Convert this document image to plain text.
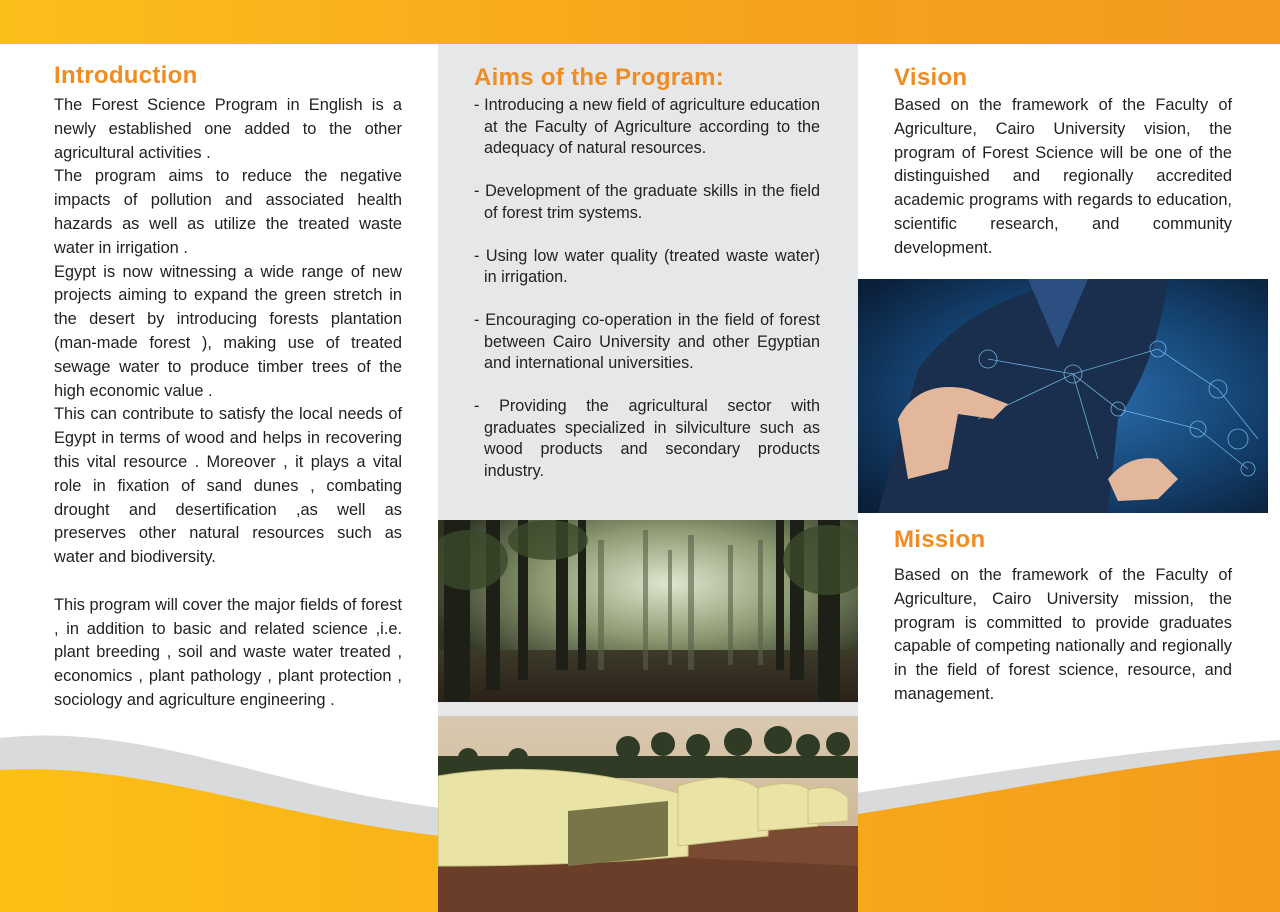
Introduction

The Forest Science Program in English is a newly established one added to the other agricultural activities .

The program aims to reduce the negative impacts of pollution and associated health hazards as well as utilize the treated waste water in irrigation .

Egypt is now witnessing a wide range of new projects aiming to expand the green stretch in the desert by introducing forests plantation (man-made forest ), making use of treated sewage water to produce timber trees of the high economic value .

This can contribute to satisfy the local needs of Egypt in terms of wood and helps in recovering this vital resource . Moreover , it plays a vital role in fixation of sand dunes , combating drought and desertification ,as well as preserves other natural resources such as water and biodiversity.

This program will cover the major fields of forest , in addition to basic and related science ,i.e. plant breeding , soil and waste water treated , economics , plant pathology , plant protection , sociology and agriculture engineering .

Aims of the Program:
- Introducing a new field of agriculture education at the Faculty of Agriculture according to the adequacy of natural resources.
- Development of the graduate skills in the field of forest trim systems.
- Using low water quality (treated waste water) in irrigation.
- Encouraging co-operation in the field of forest between Cairo University and other Egyptian and international universities.
- Providing the agricultural sector with graduates specialized in silviculture such as wood products and secondary products industry.
Vision
Based on the framework of the Faculty of Agriculture, Cairo University vision, the program of Forest Science will be one of the distinguished and regionally accredited academic programs with regards to education, scientific research, and community development.
Mission
Based on the framework of the Faculty of Agriculture, Cairo University mission, the program is committed to provide graduates capable of competing nationally and regionally in the field of forest science, resource, and management.
